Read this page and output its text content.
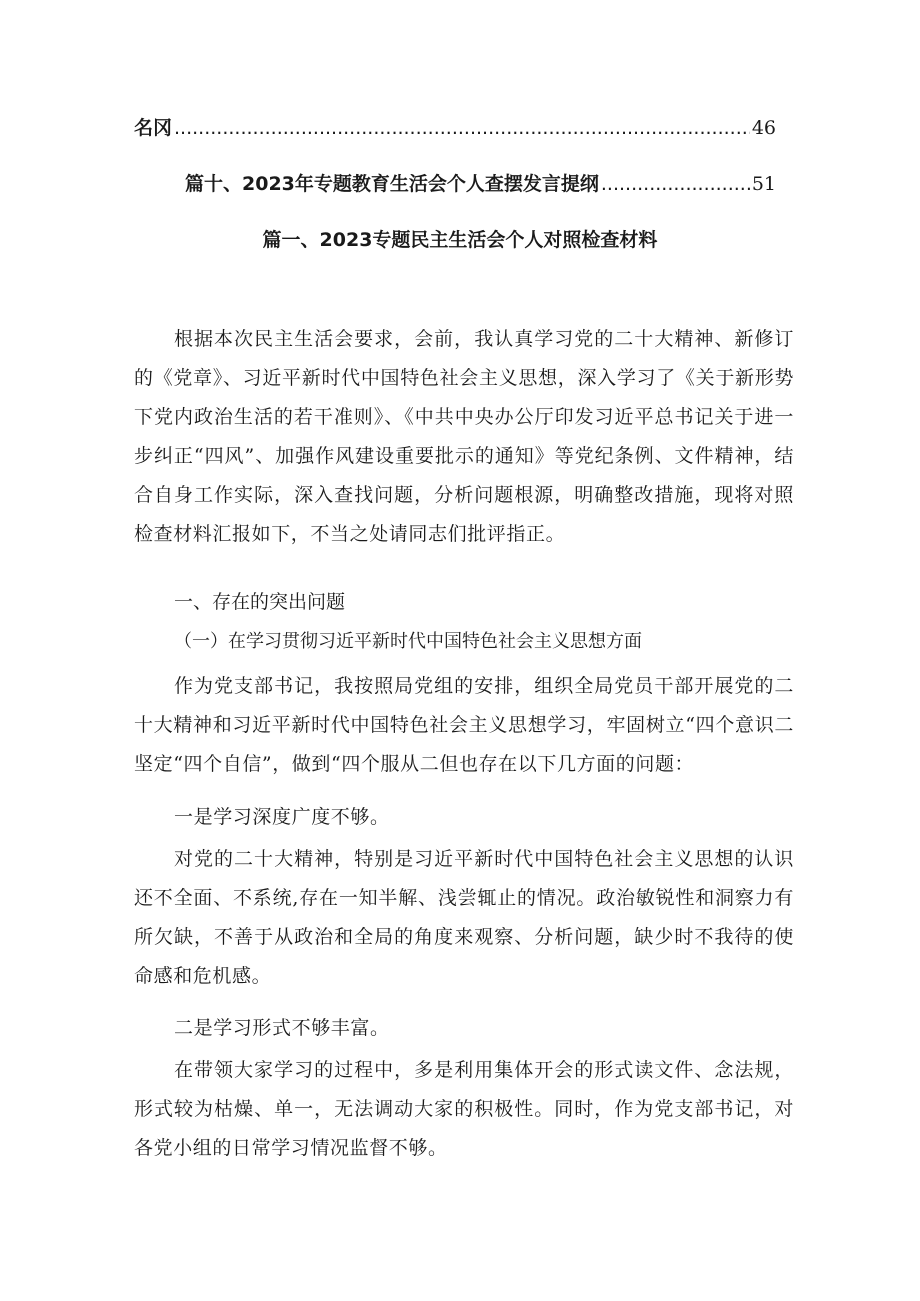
名冈 .....	46
篇十、2023年专题教育生活会个人查摆发言提纲 .....	51
篇一、2023专题民主生活会个人对照检查材料

根据本次民主生活会要求，会前，我认真学习党的二十大精神、新修订的《党章》、习近平新时代中国特色社会主义思想，深入学习了《关于新形势下党内政治生活的若干准则》、《中共中央办公厅印发习近平总书记关于进一步纠正“四风”、加强作风建设重要批示的通知》等党纪条例、文件精神，结合自身工作实际，深入查找问题，分析问题根源，明确整改措施，现将对照检查材料汇报如下，不当之处请同志们批评指正。

一、存在的突出问题
（一）在学习贯彻习近平新时代中国特色社会主义思想方面

作为党支部书记，我按照局党组的安排，组织全局党员干部开展党的二十大精神和习近平新时代中国特色社会主义思想学习，牢固树立“四个意识二坚定“四个自信”，做到“四个服从二但也存在以下几方面的问题：

一是学习深度广度不够。

对党的二十大精神，特别是习近平新时代中国特色社会主义思想的认识还不全面、不系统,存在一知半解、浅尝辄止的情况。政治敏锐性和洞察力有所欠缺，不善于从政治和全局的角度来观察、分析问题，缺少时不我待的使命感和危机感。

二是学习形式不够丰富。

在带领大家学习的过程中，多是利用集体开会的形式读文件、念法规，形式较为枯燥、单一，无法调动大家的积极性。同时，作为党支部书记，对各党小组的日常学习情况监督不够。
